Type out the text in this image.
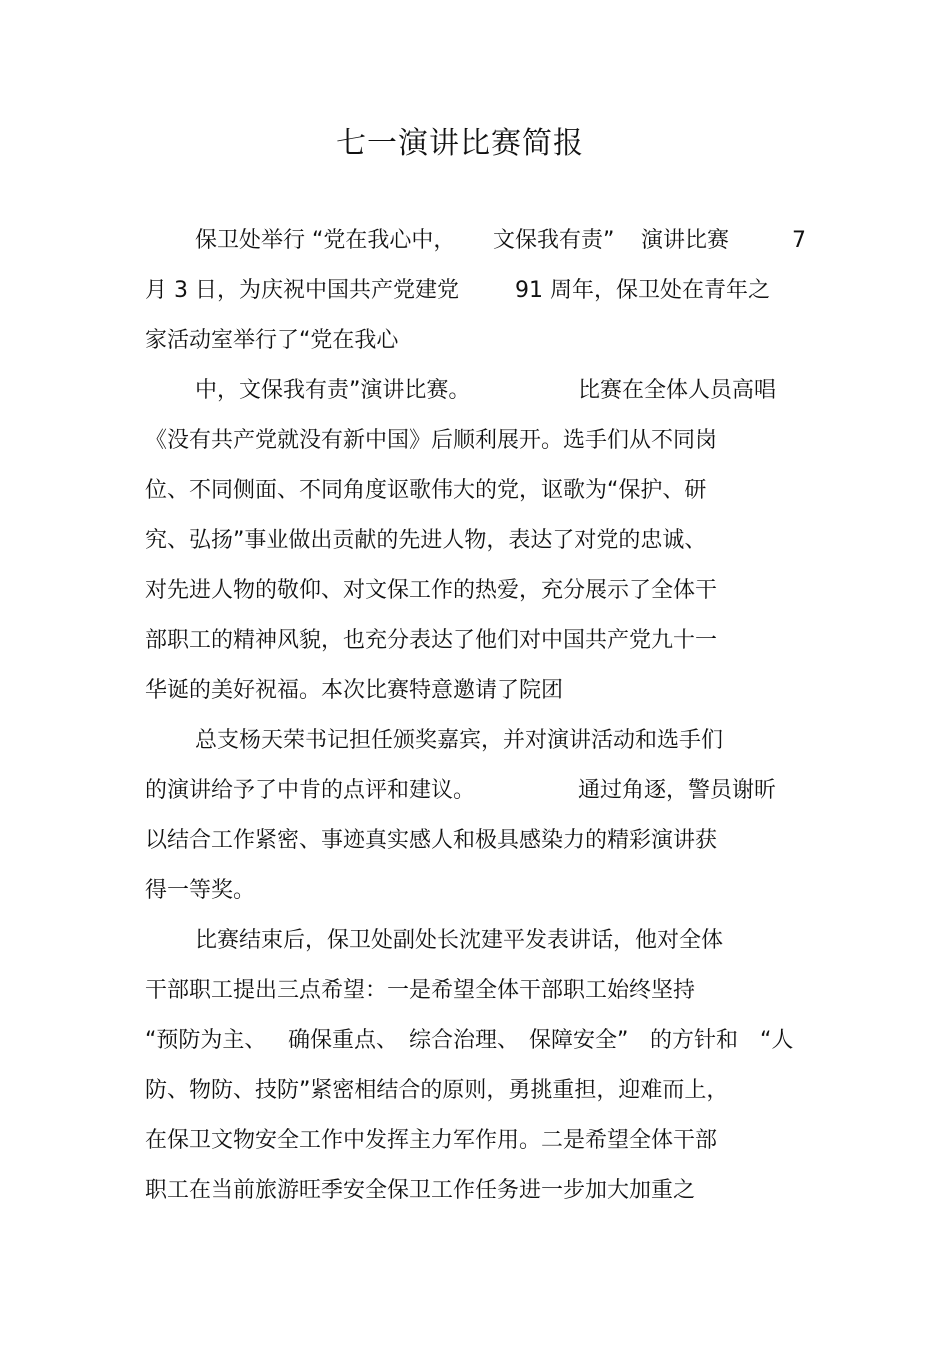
七一演讲比赛简报
保卫处举行 “党在我心中， 文保我有责” 演讲比赛	7
月 3 日，为庆祝中国共产党建党	91 周年，保卫处在青年之
家活动室举行了“党在我心
中，文保我有责”演讲比赛。	比赛在全体人员高唱
《没有共产党就没有新中国》后顺利展开。选手们从不同岗
位、不同侧面、不同角度讴歌伟大的党，讴歌为“保护、研
究、弘扬”事业做出贡献的先进人物，表达了对党的忠诚、
对先进人物的敬仰、对文保工作的热爱，充分展示了全体干
部职工的精神风貌，也充分表达了他们对中国共产党九十一
华诞的美好祝福。本次比赛特意邀请了院团
总支杨天荣书记担任颁奖嘉宾，并对演讲活动和选手们
的演讲给予了中肯的点评和建议。	通过角逐，警员谢昕
以结合工作紧密、事迹真实感人和极具感染力的精彩演讲获
得一等奖。
比赛结束后，保卫处副处长沈建平发表讲话，他对全体
干部职工提出三点希望：一是希望全体干部职工始终坚持
“预防为主、 确保重点、 综合治理、 保障安全” 的方针和 “人
防、物防、技防”紧密相结合的原则，勇挑重担，迎难而上，
在保卫文物安全工作中发挥主力军作用。二是希望全体干部
职工在当前旅游旺季安全保卫工作任务进一步加大加重之
